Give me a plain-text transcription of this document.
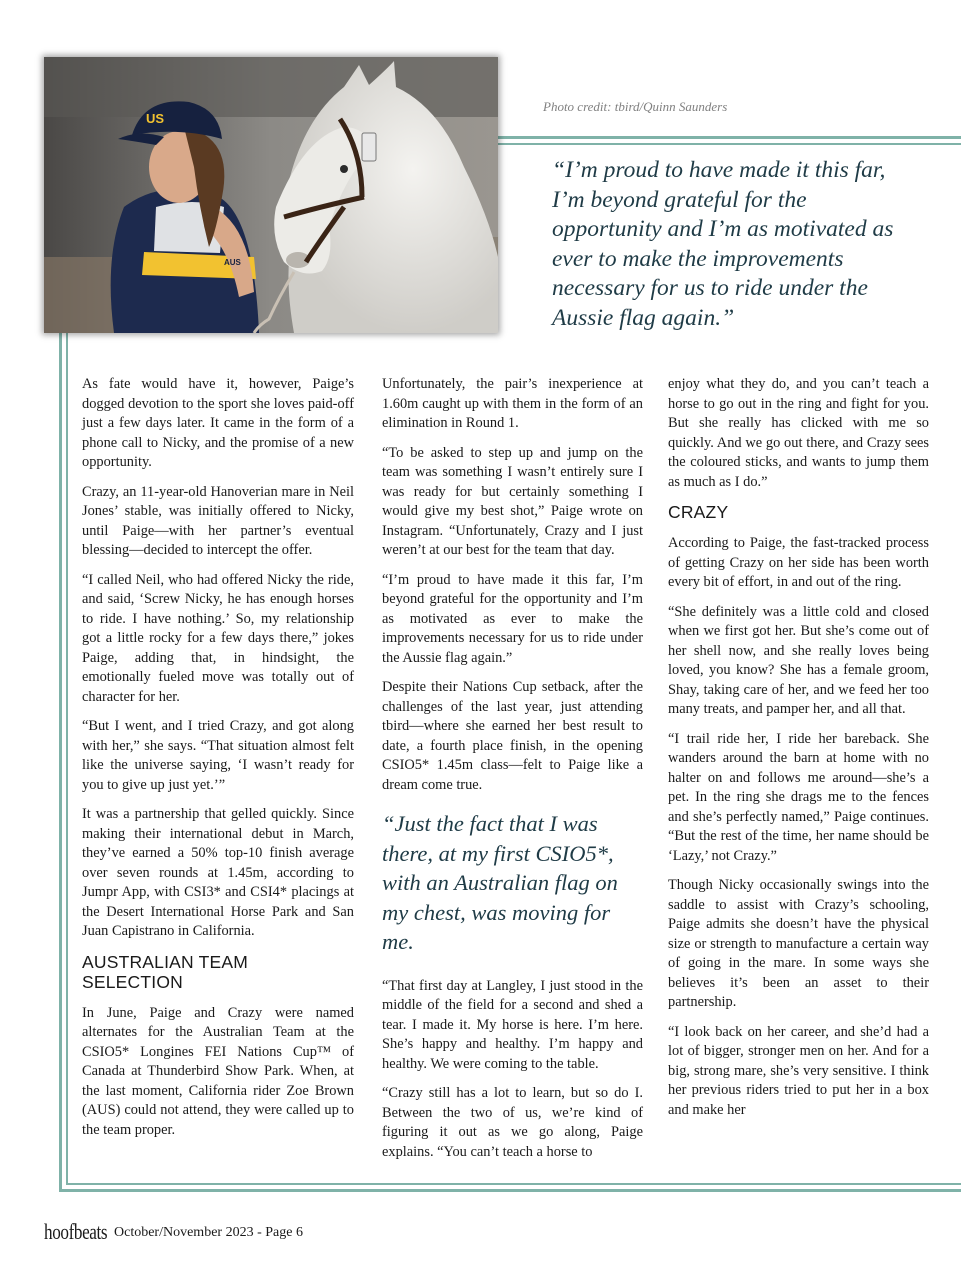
US
AUS
Photo credit: tbird/Quinn Saunders
“I’m proud to have made it this far, I’m beyond grateful for the opportunity and I’m as motivated as ever to make the improvements necessary for us to ride under the Aussie flag again.”

As fate would have it, however, Paige’s dogged devotion to the sport she loves paid-off just a few days later. It came in the form of a phone call to Nicky, and the promise of a new opportunity.

Crazy, an 11-year-old Hanoverian mare in Neil Jones’ stable, was initially offered to Nicky, until Paige—with her partner’s eventual blessing—decided to intercept the offer.

“I called Neil, who had offered Nicky the ride, and said, ‘Screw Nicky, he has enough horses to ride. I have nothing.’ So, my relationship got a little rocky for a few days there,” jokes Paige, adding that, in hindsight, the emotionally fueled move was totally out of character for her.

“But I went, and I tried Crazy, and got along with her,” she says. “That situation almost felt like the universe saying, ‘I wasn’t ready for you to give up just yet.’”

It was a partnership that gelled quickly. Since making their international debut in March, they’ve earned a 50% top-10 finish average over seven rounds at 1.45m, according to Jumpr App, with CSI3* and CSI4* placings at the Desert International Horse Park and San Juan Capistrano in California.

AUSTRALIAN TEAM SELECTION

In June, Paige and Crazy were named alternates for the Australian Team at the CSIO5* Longines FEI Nations Cup™ of Canada at Thunderbird Show Park. When, at the last moment, California rider Zoe Brown (AUS) could not attend, they were called up to the team proper.

Unfortunately, the pair’s inexperience at 1.60m caught up with them in the form of an elimination in Round 1.

“To be asked to step up and jump on the team was something I wasn’t entirely sure I was ready for but certainly something I would give my best shot,” Paige wrote on Instagram. “Unfortunately, Crazy and I just weren’t at our best for the team that day.

“I’m proud to have made it this far, I’m beyond grateful for the opportunity and I’m as motivated as ever to make the improvements necessary for us to ride under the Aussie flag again.”

Despite their Nations Cup setback, after the challenges of the last year, just attending tbird—where she earned her best result to date, a fourth place finish, in the opening CSIO5* 1.45m class—felt to Paige like a dream come true.

“Just the fact that I was there, at my first CSIO5*, with an Australian flag on my chest, was moving for me.

“That first day at Langley, I just stood in the middle of the field for a second and shed a tear. I made it. My horse is here. I’m here. She’s happy and healthy. I’m happy and healthy. We were coming to the table.

“Crazy still has a lot to learn, but so do I. Between the two of us, we’re kind of figuring it out as we go along, Paige explains. “You can’t teach a horse to

enjoy what they do, and you can’t teach a horse to go out in the ring and fight for you. But she really has clicked with me so quickly. And we go out there, and Crazy sees the coloured sticks, and wants to jump them as much as I do.”

CRAZY

According to Paige, the fast-tracked process of getting Crazy on her side has been worth every bit of effort, in and out of the ring.

“She definitely was a little cold and closed when we first got her. But she’s come out of her shell now, and she really loves being loved, you know? She has a female groom, Shay, taking care of her, and we feed her too many treats, and pamper her, and all that.

“I trail ride her, I ride her bareback. She wanders around the barn at home with no halter on and follows me around—she’s a pet. In the ring she drags me to the fences and she’s perfectly named,” Paige continues. “But the rest of the time, her name should be ‘Lazy,’ not Crazy.”

Though Nicky occasionally swings into the saddle to assist with Crazy’s schooling, Paige admits she doesn’t have the physical size or strength to manufacture a certain way of going in the mare. In some ways she believes it’s been an asset to their partnership.

“I look back on her career, and she’d had a lot of bigger, stronger men on her. And for a big, strong mare, she’s very sensitive. I think her previous riders tried to put her in a box and make her

hoofbeats October/November 2023 - Page 6
